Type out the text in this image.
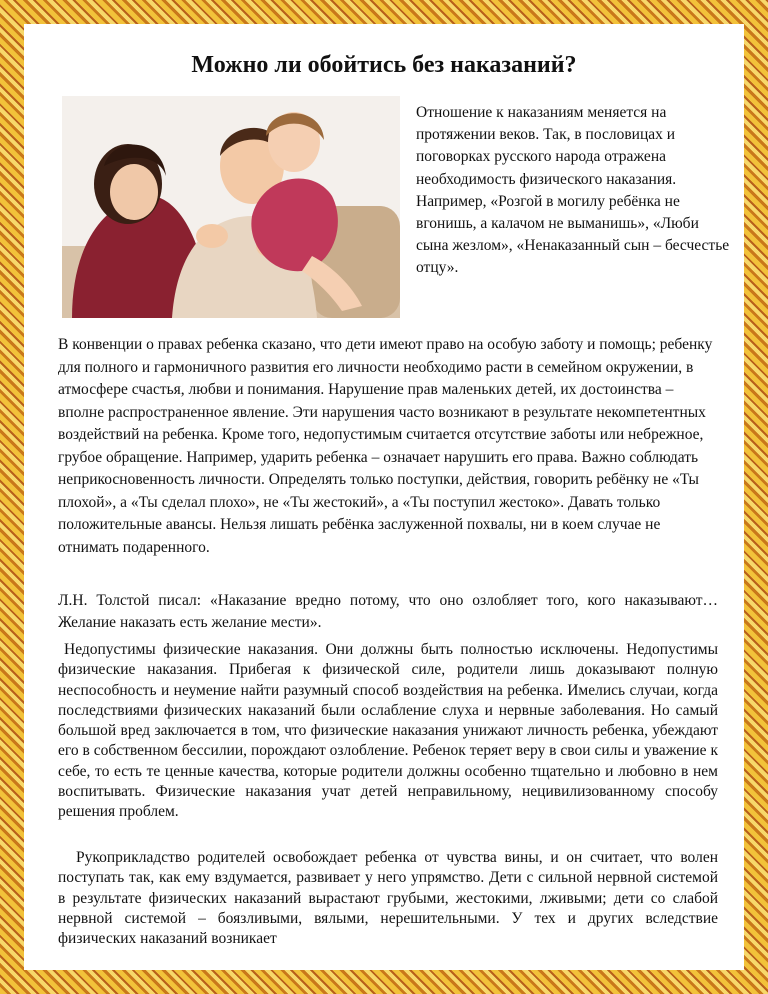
Можно ли обойтись без наказаний?

Отношение к наказаниям меняется на протяжении веков. Так, в пословицах и поговорках русского народа отражена необходимость физического наказания. Например, «Розгой в могилу ребёнка не вгонишь, а калачом не выманишь», «Люби сына жезлом», «Ненаказанный сын – бесчестье отцу».

В конвенции о правах ребенка сказано, что дети имеют право на особую заботу и помощь; ребенку для полного и гармоничного развития его личности необходимо расти в семейном окружении, в атмосфере счастья, любви и понимания. Нарушение прав маленьких детей, их достоинства – вполне распространенное явление. Эти нарушения часто возникают в результате некомпетентных воздействий на ребенка. Кроме того, недопустимым считается отсутствие заботы или небрежное, грубое обращение. Например, ударить ребенка – означает нарушить его права. Важно соблюдать неприкосновенность личности. Определять только поступки, действия, говорить ребёнку не «Ты плохой», а «Ты сделал плохо», не «Ты жестокий», а «Ты поступил жестоко». Давать только положительные авансы. Нельзя лишать ребёнка заслуженной похвалы, ни в коем случае не отнимать подаренного.

Л.Н. Толстой писал: «Наказание вредно потому, что оно озлобляет того, кого наказывают… Желание наказать есть желание мести».

Недопустимы физические наказания. Они должны быть полностью исключены. Недопустимы физические наказания. Прибегая к физической силе, родители лишь доказывают полную неспособность и неумение найти разумный способ воздействия на ребенка. Имелись случаи, когда последствиями физических наказаний были ослабление слуха и нервные заболевания. Но самый большой вред заключается в том, что физические наказания унижают личность ребенка, убеждают его в собственном бессилии, порождают озлобление. Ребенок теряет веру в свои силы и уважение к себе, то есть те ценные качества, которые родители должны особенно тщательно и любовно в нем воспитывать. Физические наказания учат детей неправильному, нецивилизованному способу решения проблем.

Рукоприкладство родителей освобождает ребенка от чувства вины, и он считает, что волен поступать так, как ему вздумается, развивает у него упрямство. Дети с сильной нервной системой в результате физических наказаний вырастают грубыми, жестокими, лживыми; дети со слабой нервной системой – боязливыми, вялыми, нерешительными. У тех и других вследствие физических наказаний возникает
